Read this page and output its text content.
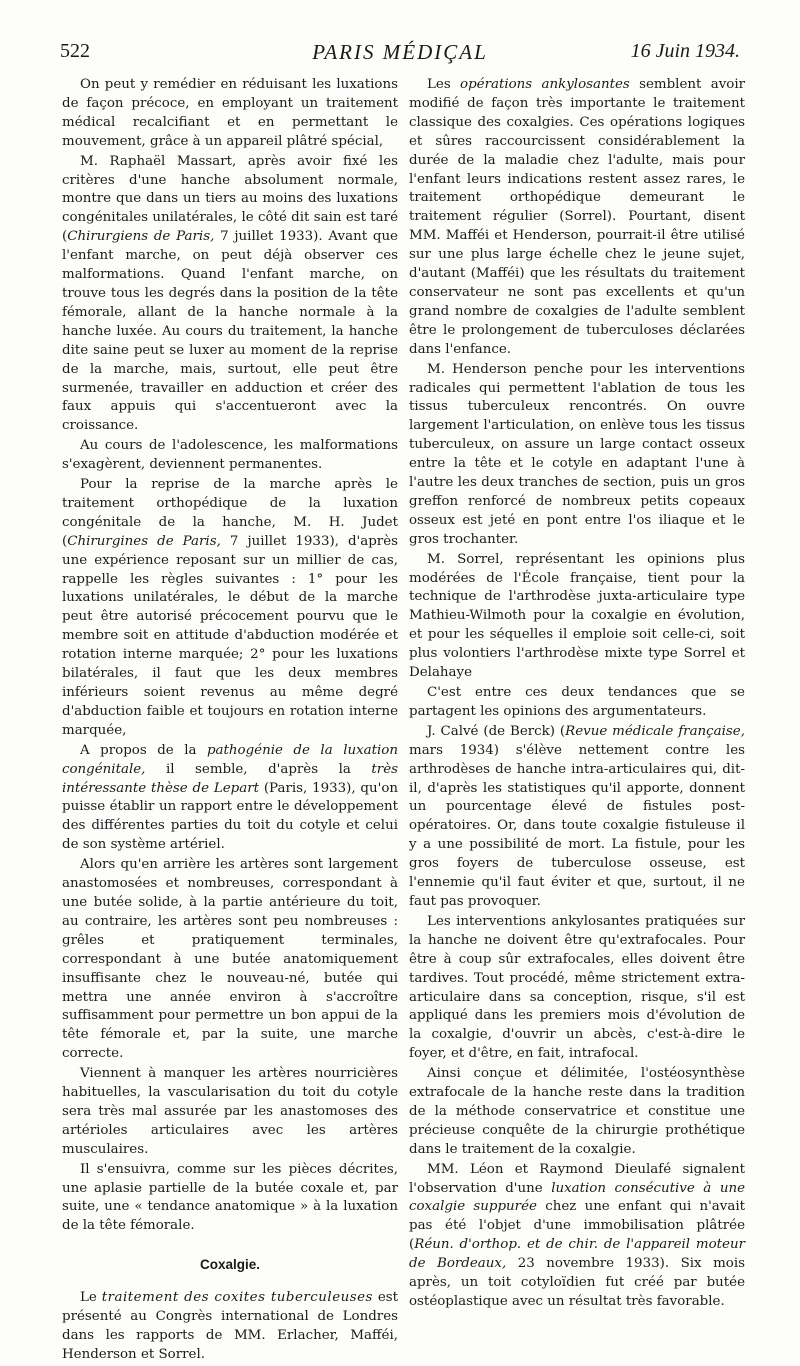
522	PARIS MÉDIÇAL	16 Juin 1934.

On peut y remédier en réduisant les luxations de façon précoce, en employant un traitement médical recalcifiant et en permettant le mouvement, grâce à un appareil plâtré spécial,

M. Raphaël Massart, après avoir fixé les critères d'une hanche absolument normale, montre que dans un tiers au moins des luxations congénitales unilatérales, le côté dit sain est taré (Chirurgiens de Paris, 7 juillet 1933). Avant que l'enfant marche, on peut déjà observer ces malformations. Quand l'enfant marche, on trouve tous les degrés dans la position de la tête fémorale, allant de la hanche normale à la hanche luxée. Au cours du traitement, la hanche dite saine peut se luxer au moment de la reprise de la marche, mais, surtout, elle peut être surmenée, travailler en adduction et créer des faux appuis qui s'accentueront avec la croissance.

Au cours de l'adolescence, les malformations s'exagèrent, deviennent permanentes.

Pour la reprise de la marche après le traitement orthopédique de la luxation congénitale de la hanche, M. H. Judet (Chirurgines de Paris, 7 juillet 1933), d'après une expérience reposant sur un millier de cas, rappelle les règles suivantes : 1° pour les luxations unilatérales, le début de la marche peut être autorisé précocement pourvu que le membre soit en attitude d'abduction modérée et rotation interne marquée; 2° pour les luxations bilatérales, il faut que les deux membres inférieurs soient revenus au même degré d'abduction faible et toujours en rotation interne marquée,

A propos de la pathogénie de la luxation congénitale, il semble, d'après la très intéressante thèse de Lepart (Paris, 1933), qu'on puisse établir un rapport entre le développement des différentes parties du toit du cotyle et celui de son système artériel.

Alors qu'en arrière les artères sont largement anastomosées et nombreuses, correspondant à une butée solide, à la partie antérieure du toit, au contraire, les artères sont peu nombreuses : grêles et pratiquement terminales, correspondant à une butée anatomiquement insuffisante chez le nouveau-né, butée qui mettra une année environ à s'accroître suffisamment pour permettre un bon appui de la tête fémorale et, par la suite, une marche correcte.

Viennent à manquer les artères nourricières habituelles, la vascularisation du toit du cotyle sera très mal assurée par les anastomoses des artérioles articulaires avec les artères musculaires.

Il s'ensuivra, comme sur les pièces décrites, une aplasie partielle de la butée coxale et, par suite, une « tendance anatomique » à la luxation de la tête fémorale.

Coxalgie.

Le traitement des coxites tuberculeuses est présenté au Congrès international de Londres dans les rapports de MM. Erlacher, Mafféi, Henderson et Sorrel.

Les opérations ankylosantes semblent avoir modifié de façon très importante le traitement classique des coxalgies. Ces opérations logiques et sûres raccourcissent considérablement la durée de la maladie chez l'adulte, mais pour l'enfant leurs indications restent assez rares, le traitement orthopédique demeurant le traitement régulier (Sorrel). Pourtant, disent MM. Mafféi et Henderson, pourrait-il être utilisé sur une plus large échelle chez le jeune sujet, d'autant (Mafféi) que les résultats du traitement conservateur ne sont pas excellents et qu'un grand nombre de coxalgies de l'adulte semblent être le prolongement de tuberculoses déclarées dans l'enfance.

M. Henderson penche pour les interventions radicales qui permettent l'ablation de tous les tissus tuberculeux rencontrés. On ouvre largement l'articulation, on enlève tous les tissus tuberculeux, on assure un large contact osseux entre la tête et le cotyle en adaptant l'une à l'autre les deux tranches de section, puis un gros greffon renforcé de nombreux petits copeaux osseux est jeté en pont entre l'os iliaque et le gros trochanter.

M. Sorrel, représentant les opinions plus modérées de l'École française, tient pour la technique de l'arthrodèse juxta-articulaire type Mathieu-Wilmoth pour la coxalgie en évolution, et pour les séquelles il emploie soit celle-ci, soit plus volontiers l'arthrodèse mixte type Sorrel et Delahaye

C'est entre ces deux tendances que se partagent les opinions des argumentateurs.

J. Calvé (de Berck) (Revue médicale française, mars 1934) s'élève nettement contre les arthrodèses de hanche intra-articulaires qui, dit-il, d'après les statistiques qu'il apporte, donnent un pourcentage élevé de fistules post-opératoires. Or, dans toute coxalgie fistuleuse il y a une possibilité de mort. La fistule, pour les gros foyers de tuberculose osseuse, est l'ennemie qu'il faut éviter et que, surtout, il ne faut pas provoquer.

Les interventions ankylosantes pratiquées sur la hanche ne doivent être qu'extrafocales. Pour être à coup sûr extrafocales, elles doivent être tardives. Tout procédé, même strictement extra-articulaire dans sa conception, risque, s'il est appliqué dans les premiers mois d'évolution de la coxalgie, d'ouvrir un abcès, c'est-à-dire le foyer, et d'être, en fait, intrafocal.

Ainsi conçue et délimitée, l'ostéosynthèse extrafocale de la hanche reste dans la tradition de la méthode conservatrice et constitue une précieuse conquête de la chirurgie prothétique dans le traitement de la coxalgie.

MM. Léon et Raymond Dieulafé signalent l'observation d'une luxation consécutive à une coxalgie suppurée chez une enfant qui n'avait pas été l'objet d'une immobilisation plâtrée (Réun. d'orthop. et de chir. de l'appareil moteur de Bordeaux, 23 novembre 1933). Six mois après, un toit cotyloïdien fut créé par butée ostéoplastique avec un résultat très favorable.
